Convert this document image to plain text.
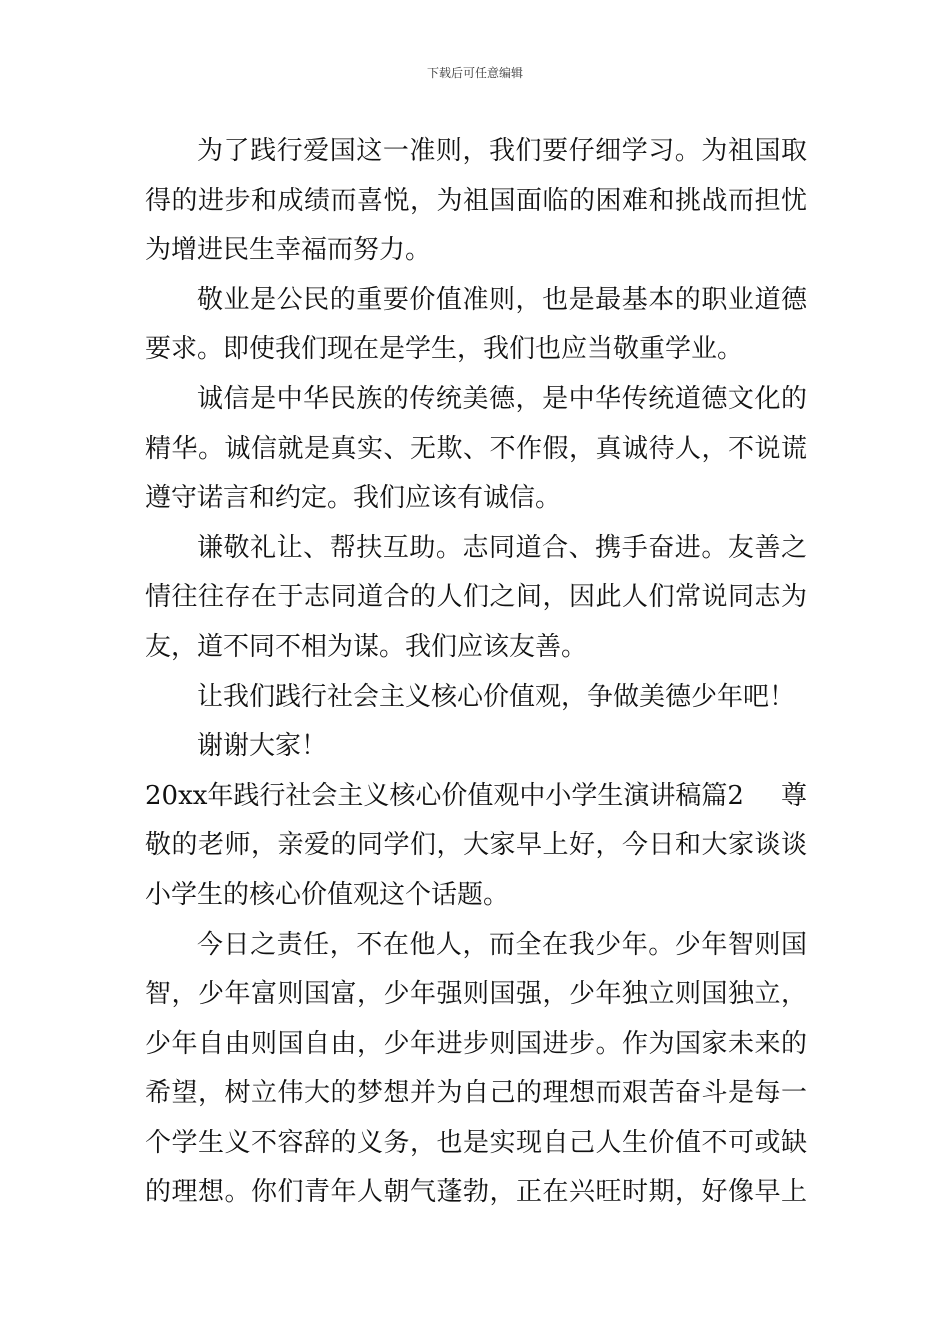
下载后可任意编辑
为了践行爱国这一准则，我们要仔细学习。为祖国取
得的进步和成绩而喜悦，为祖国面临的困难和挑战而担忧
为增进民生幸福而努力。
敬业是公民的重要价值准则，也是最基本的职业道德
要求。即使我们现在是学生，我们也应当敬重学业。
诚信是中华民族的传统美德，是中华传统道德文化的
精华。诚信就是真实、无欺、不作假，真诚待人，不说谎
遵守诺言和约定。我们应该有诚信。
谦敬礼让、帮扶互助。志同道合、携手奋进。友善之
情往往存在于志同道合的人们之间，因此人们常说同志为
友，道不同不相为谋。我们应该友善。
让我们践行社会主义核心价值观，争做美德少年吧！
谢谢大家！
20xx年践行社会主义核心价值观中小学生演讲稿篇2 尊
敬的老师，亲爱的同学们，大家早上好，今日和大家谈谈
小学生的核心价值观这个话题。
今日之责任，不在他人，而全在我少年。少年智则国
智，少年富则国富，少年强则国强，少年独立则国独立，
少年自由则国自由，少年进步则国进步。作为国家未来的
希望，树立伟大的梦想并为自己的理想而艰苦奋斗是每一
个学生义不容辞的义务，也是实现自己人生价值不可或缺
的理想。你们青年人朝气蓬勃，正在兴旺时期，好像早上
